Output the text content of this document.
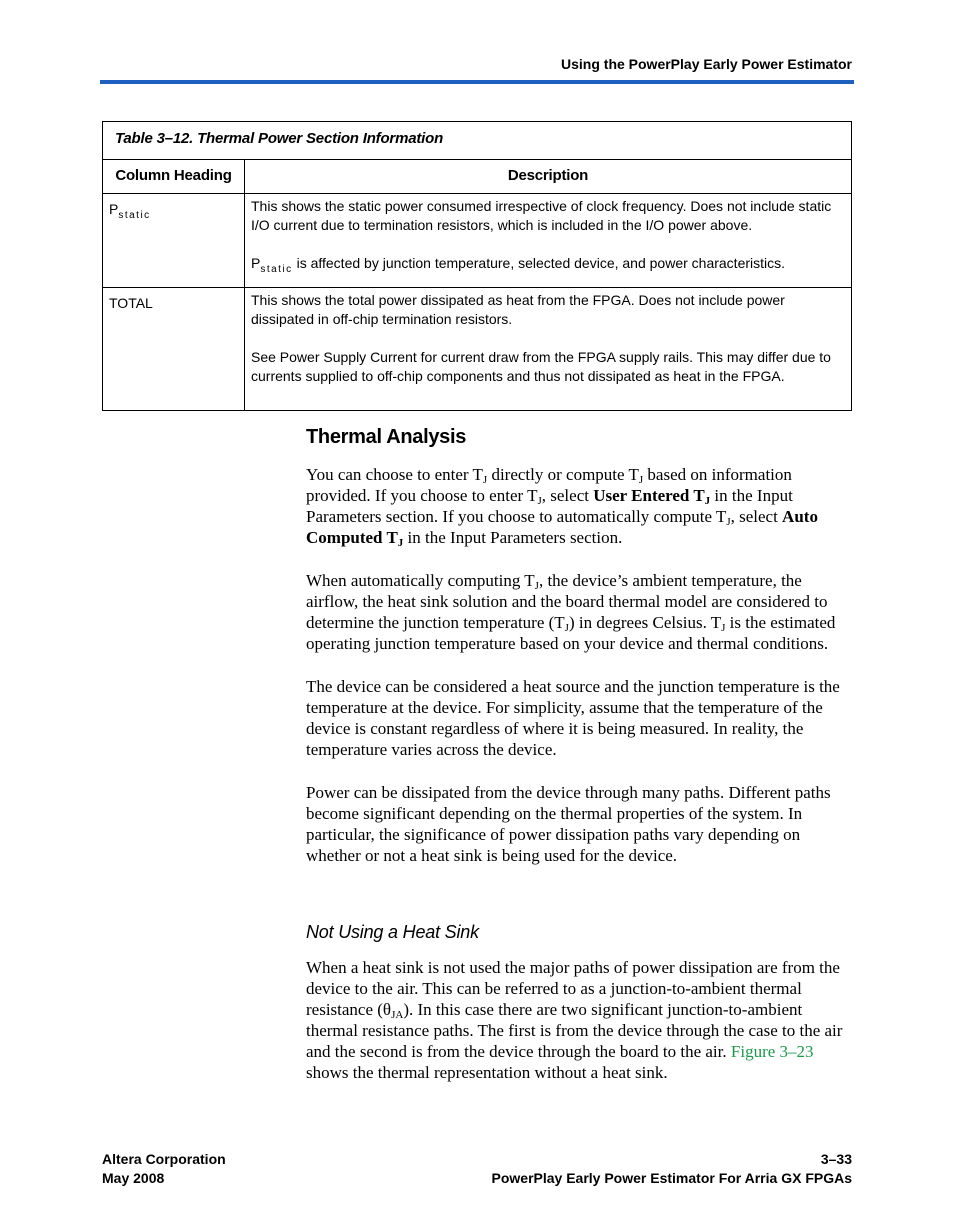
Using the PowerPlay Early Power Estimator
Table 3–12. Thermal Power Section Information	
Column Heading	Description
$P_{static}$	This shows the static power consumed irrespective of clock frequency. Does not include static I/O current due to termination resistors, which is included in the I/O power above.

$P_{static}$ is affected by junction temperature, selected device, and power characteristics.

TOTAL	This shows the total power dissipated as heat from the FPGA. Does not include power dissipated in off-chip termination resistors.

See Power Supply Current for current draw from the FPGA supply rails. This may differ due to currents supplied to off-chip components and thus not dissipated as heat in the FPGA.

Thermal Analysis

You can choose to enter $T_J$ directly or compute $T_J$ based on information provided. If you choose to enter $T_J$, select User Entered $T_J$ in the Input Parameters section. If you choose to automatically compute $T_J$, select Auto Computed $T_J$ in the Input Parameters section.

When automatically computing $T_J$, the device’s ambient temperature, the airflow, the heat sink solution and the board thermal model are considered to determine the junction temperature $(T_J)$ in degrees Celsius. $T_J$ is the estimated operating junction temperature based on your device and thermal conditions.

The device can be considered a heat source and the junction temperature is the temperature at the device. For simplicity, assume that the temperature of the device is constant regardless of where it is being measured. In reality, the temperature varies across the device.

Power can be dissipated from the device through many paths. Different paths become significant depending on the thermal properties of the system. In particular, the significance of power dissipation paths vary depending on whether or not a heat sink is being used for the device.

Not Using a Heat Sink

When a heat sink is not used the major paths of power dissipation are from the device to the air. This can be referred to as a junction-to-ambient thermal resistance $(\theta_{JA})$. In this case there are two significant junction-to-ambient thermal resistance paths. The first is from the device through the case to the air and the second is from the device through the board to the air. Figure 3–23 shows the thermal representation without a heat sink.

Altera Corporation
May 2008
3–33
PowerPlay Early Power Estimator For Arria GX FPGAs
